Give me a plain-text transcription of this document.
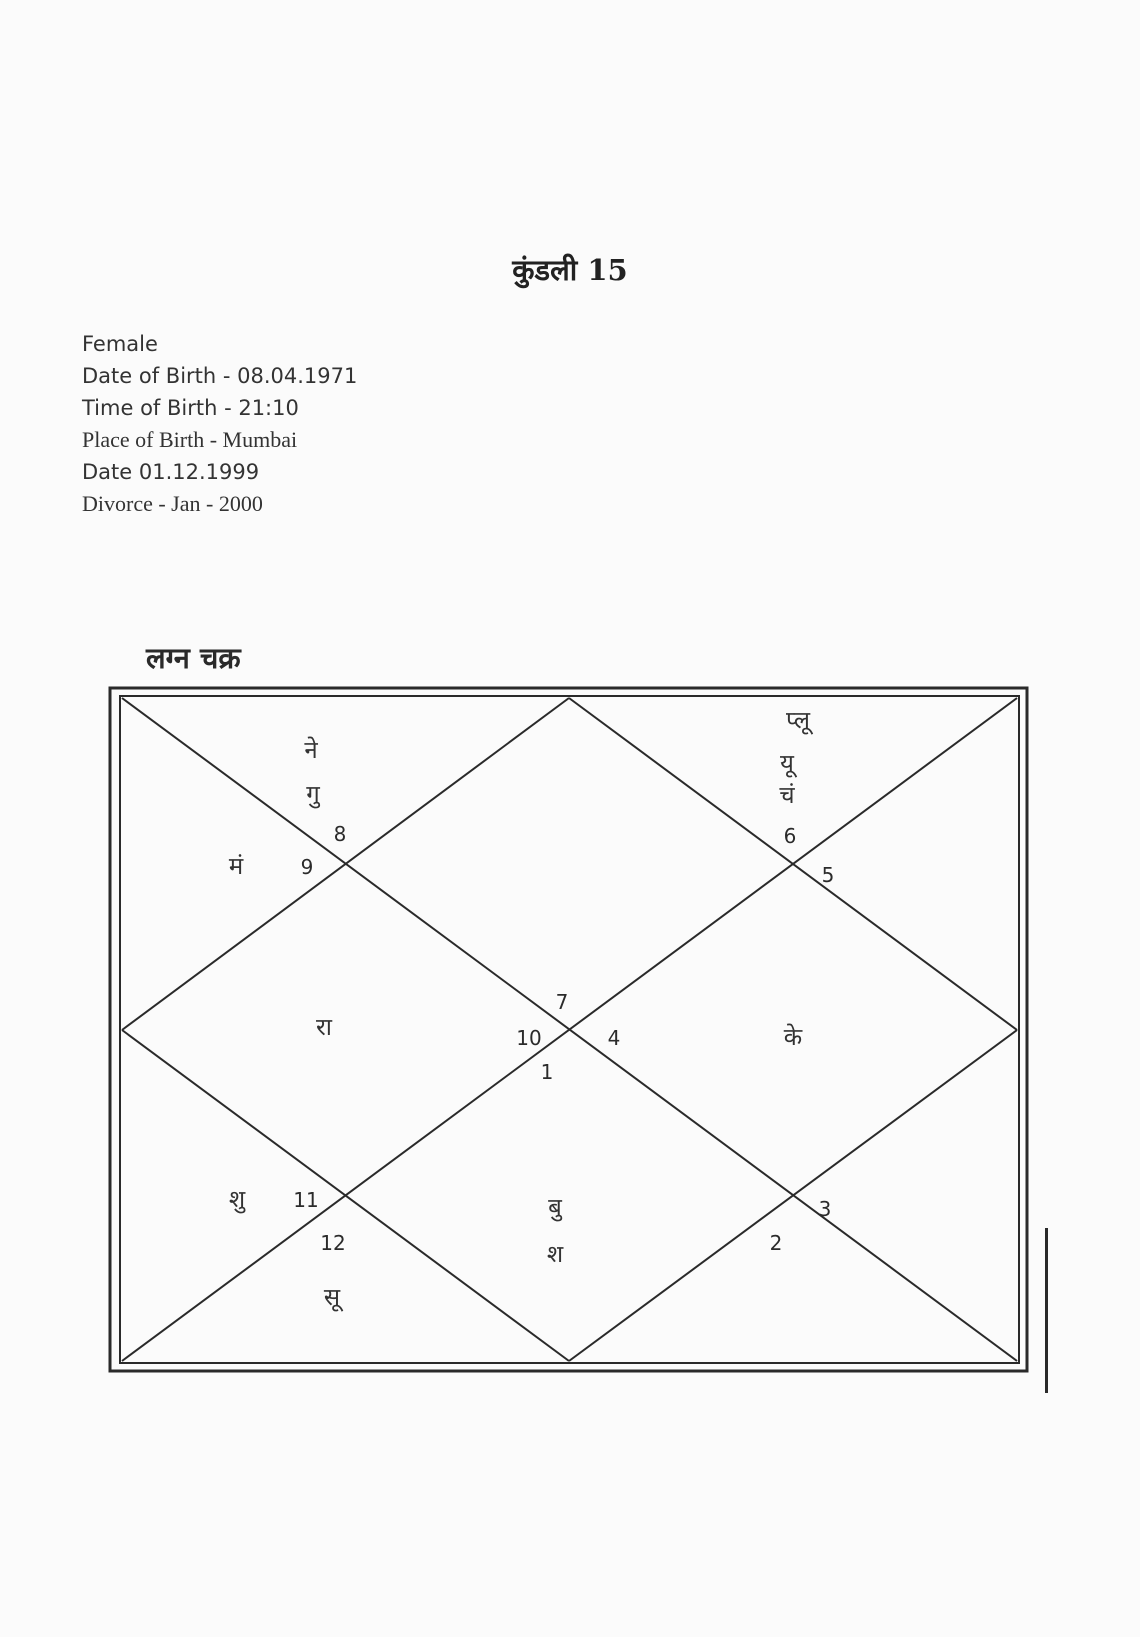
कुंडली 15
Female
Date of Birth - 08.04.1971
Time of Birth - 21:10
Place of Birth - Mumbai
Date 01.12.1999
Divorce - Jan - 2000
लग्न चक्र
7
10	4
1
8
9
6
5
11
12	2
3
ने
गु
मं
प्लू
यू
चं
रा	के
शु
सू
बु
श
